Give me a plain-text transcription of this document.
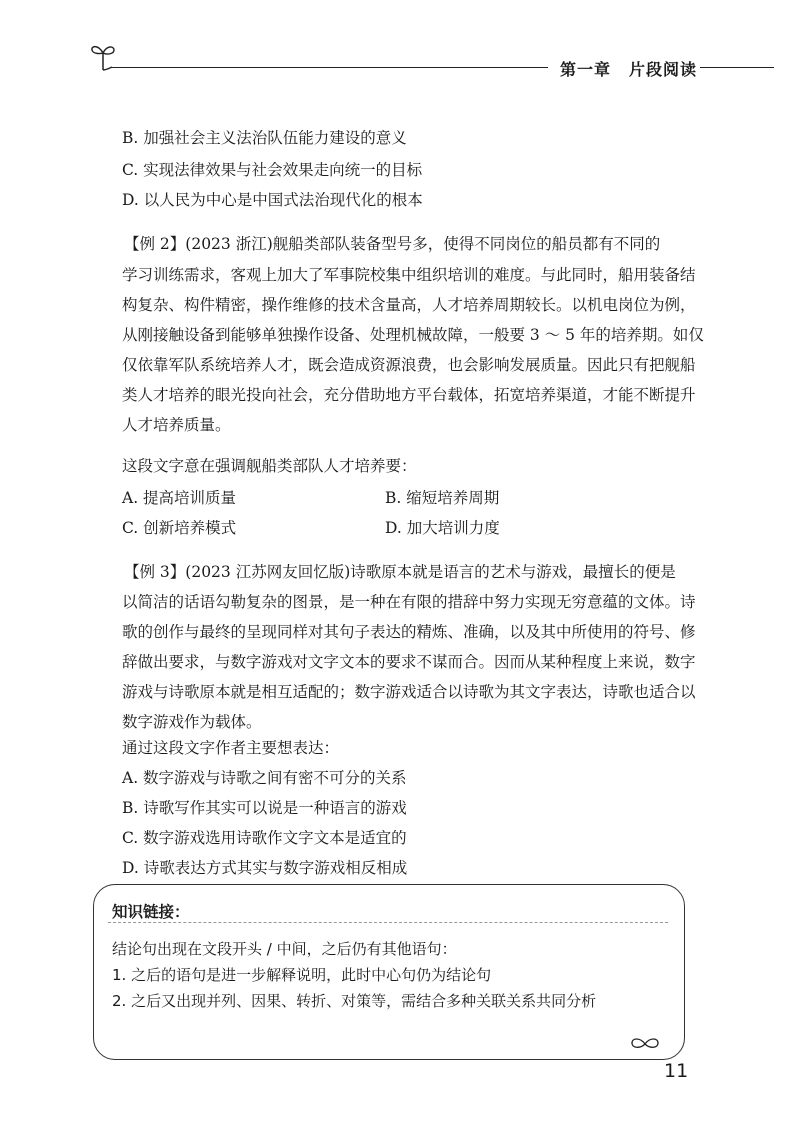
第一章 片段阅读
B. 加强社会主义法治队伍能力建设的意义
C. 实现法律效果与社会效果走向统一的目标
D. 以人民为中心是中国式法治现代化的根本
【例 2】(2023 浙江)舰船类部队装备型号多，使得不同岗位的船员都有不同的
学习训练需求，客观上加大了军事院校集中组织培训的难度。与此同时，船用装备结
构复杂、构件精密，操作维修的技术含量高，人才培养周期较长。以机电岗位为例，
从刚接触设备到能够单独操作设备、处理机械故障，一般要 3 ～ 5 年的培养期。如仅
仅依靠军队系统培养人才，既会造成资源浪费，也会影响发展质量。因此只有把舰船
类人才培养的眼光投向社会，充分借助地方平台载体，拓宽培养渠道，才能不断提升
人才培养质量。
这段文字意在强调舰船类部队人才培养要：
A. 提高培训质量	B. 缩短培养周期
C. 创新培养模式	D. 加大培训力度
【例 3】(2023 江苏网友回忆版)诗歌原本就是语言的艺术与游戏，最擅长的便是
以简洁的话语勾勒复杂的图景，是一种在有限的措辞中努力实现无穷意蕴的文体。诗
歌的创作与最终的呈现同样对其句子表达的精炼、准确，以及其中所使用的符号、修
辞做出要求，与数字游戏对文字文本的要求不谋而合。因而从某种程度上来说，数字
游戏与诗歌原本就是相互适配的；数字游戏适合以诗歌为其文字表达，诗歌也适合以
数字游戏作为载体。
通过这段文字作者主要想表达：
A. 数字游戏与诗歌之间有密不可分的关系
B. 诗歌写作其实可以说是一种语言的游戏
C. 数字游戏选用诗歌作文字文本是适宜的
D. 诗歌表达方式其实与数字游戏相反相成
知识链接：
结论句出现在文段开头 / 中间，之后仍有其他语句：
1. 之后的语句是进一步解释说明，此时中心句仍为结论句
2. 之后又出现并列、因果、转折、对策等，需结合多种关联关系共同分析
11
